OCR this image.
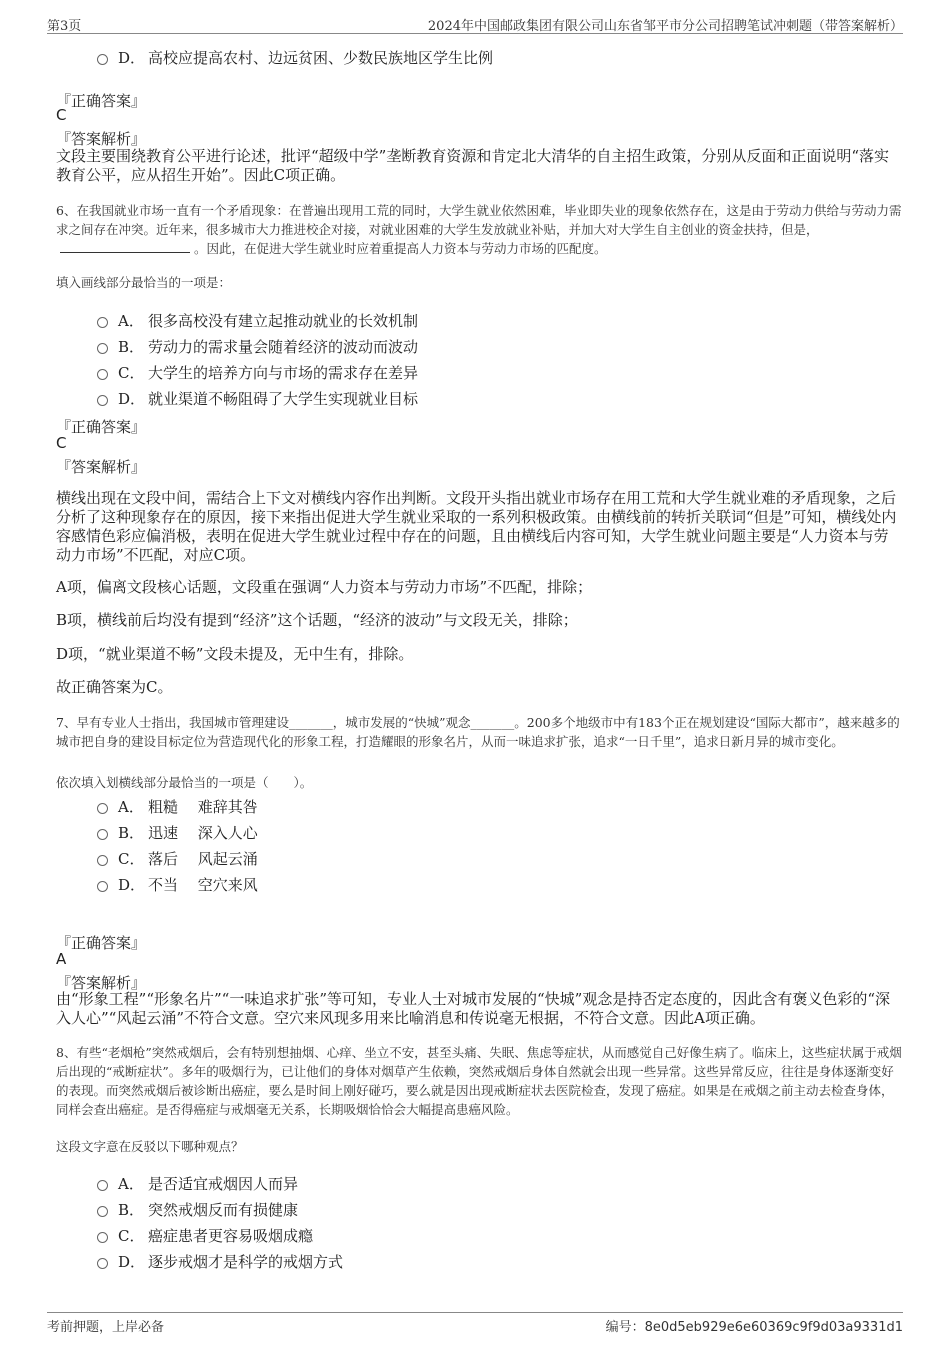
第3页	2024年中国邮政集团有限公司山东省邹平市分公司招聘笔试冲刺题（带答案解析）
D． 高校应提高农村、边远贫困、少数民族地区学生比例
『正确答案』
C
『答案解析』
文段主要围绕教育公平进行论述，批评“超级中学”垄断教育资源和肯定北大清华的自主招生政策，分别从反面和正面说明“落实教育公平，应从招生开始”。因此C项正确。
6、在我国就业市场一直有一个矛盾现象：在普遍出现用工荒的同时，大学生就业依然困难，毕业即失业的现象依然存在，这是由于劳动力供给与劳动力需求之间存在冲突。近年来，很多城市大力推进校企对接，对就业困难的大学生发放就业补贴，并加大对大学生自主创业的资金扶持，但是，。因此，在促进大学生就业时应着重提高人力资本与劳动力市场的匹配度。
填入画线部分最恰当的一项是：
A． 很多高校没有建立起推动就业的长效机制
B． 劳动力的需求量会随着经济的波动而波动
C． 大学生的培养方向与市场的需求存在差异
D． 就业渠道不畅阻碍了大学生实现就业目标
『正确答案』
C
『答案解析』
横线出现在文段中间，需结合上下文对横线内容作出判断。文段开头指出就业市场存在用工荒和大学生就业难的矛盾现象，之后分析了这种现象存在的原因，接下来指出促进大学生就业采取的一系列积极政策。由横线前的转折关联词“但是”可知，横线处内容感情色彩应偏消极，表明在促进大学生就业过程中存在的问题，且由横线后内容可知，大学生就业问题主要是“人力资本与劳动力市场”不匹配，对应C项。
A项，偏离文段核心话题，文段重在强调“人力资本与劳动力市场”不匹配，排除；
B项，横线前后均没有提到“经济”这个话题，“经济的波动”与文段无关，排除；
D项，“就业渠道不畅”文段未提及，无中生有，排除。
故正确答案为C。
7、早有专业人士指出，我国城市管理建设_______，城市发展的“快城”观念_______。200多个地级市中有183个正在规划建设“国际大都市”，越来越多的城市把自身的建设目标定位为营造现代化的形象工程，打造耀眼的形象名片，从而一味追求扩张，追求“一日千里”，追求日新月异的城市变化。
依次填入划横线部分最恰当的一项是（　　）。
A． 粗糙　 难辞其咎
B． 迅速　 深入人心
C． 落后　 风起云涌
D． 不当　 空穴来风
『正确答案』
A
『答案解析』
由“形象工程”“形象名片”“一味追求扩张”等可知，专业人士对城市发展的“快城”观念是持否定态度的，因此含有褒义色彩的“深入人心”“风起云涌”不符合文意。空穴来风现多用来比喻消息和传说毫无根据，不符合文意。因此A项正确。
8、有些“老烟枪”突然戒烟后，会有特别想抽烟、心痒、坐立不安，甚至头痛、失眠、焦虑等症状，从而感觉自己好像生病了。临床上，这些症状属于戒烟后出现的“戒断症状”。多年的吸烟行为，已让他们的身体对烟草产生依赖，突然戒烟后身体自然就会出现一些异常。这些异常反应，往往是身体逐渐变好的表现。而突然戒烟后被诊断出癌症，要么是时间上刚好碰巧，要么就是因出现戒断症状去医院检查，发现了癌症。如果是在戒烟之前主动去检查身体，同样会查出癌症。是否得癌症与戒烟毫无关系，长期吸烟恰恰会大幅提高患癌风险。
这段文字意在反驳以下哪种观点？
A． 是否适宜戒烟因人而异
B． 突然戒烟反而有损健康
C． 癌症患者更容易吸烟成瘾
D． 逐步戒烟才是科学的戒烟方式
考前押题，上岸必备	编号：8e0d5eb929e6e60369c9f9d03a9331d1
